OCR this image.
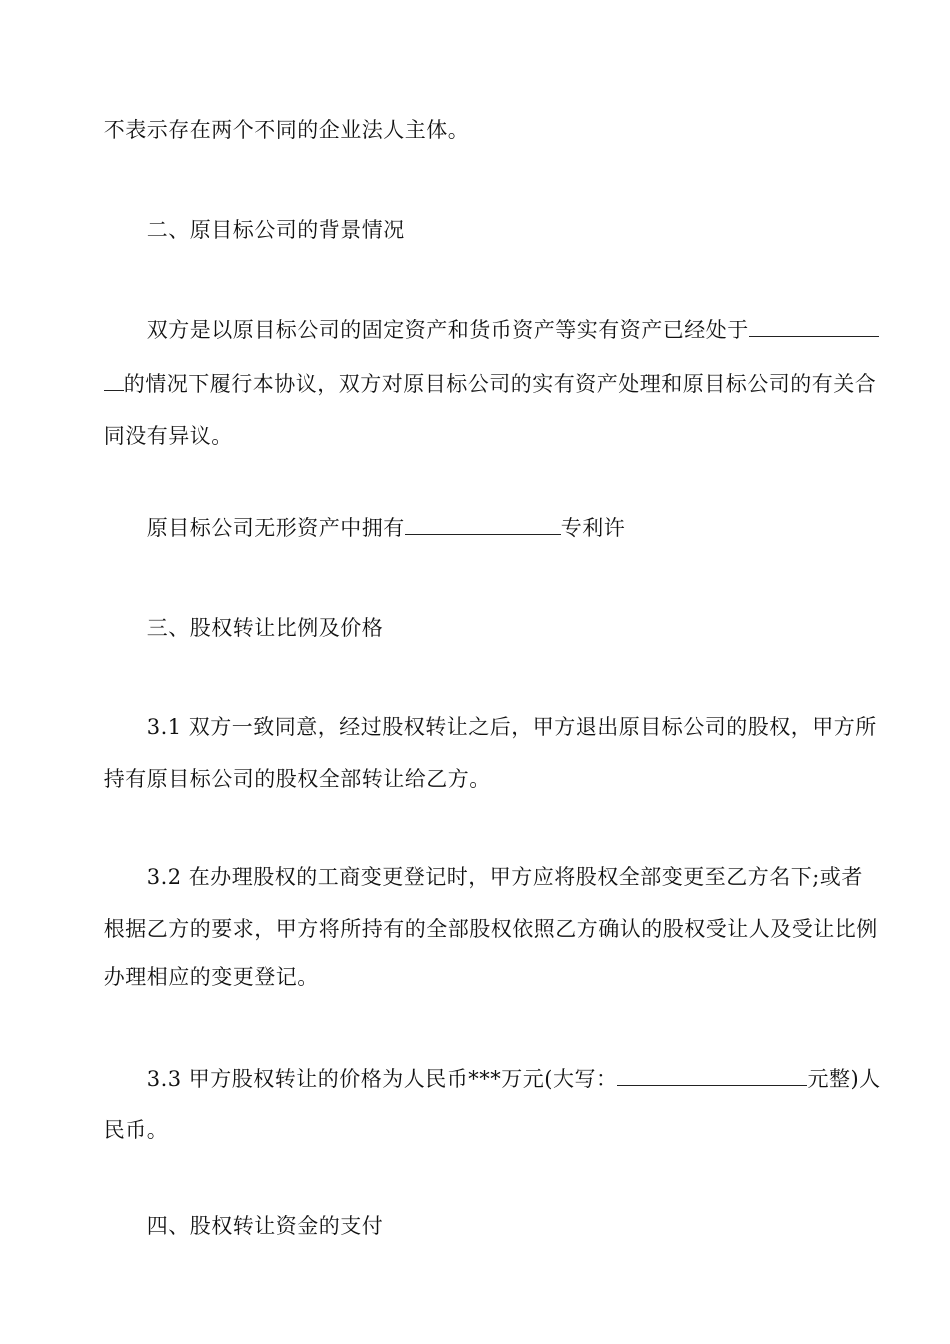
不表示存在两个不同的企业法人主体。

二、原目标公司的背景情况

双方是以原目标公司的固定资产和货币资产等实有资产已经处于

的情况下履行本协议，双方对原目标公司的实有资产处理和原目标公司的有关合

同没有异议。

原目标公司无形资产中拥有	专利许

三、股权转让比例及价格

3.1 双方一致同意，经过股权转让之后，甲方退出原目标公司的股权，甲方所

持有原目标公司的股权全部转让给乙方。

3.2 在办理股权的工商变更登记时，甲方应将股权全部变更至乙方名下;或者

根据乙方的要求，甲方将所持有的全部股权依照乙方确认的股权受让人及受让比例

办理相应的变更登记。

3.3 甲方股权转让的价格为人民币***万元(大写：	元整)人

民币。

四、股权转让资金的支付
